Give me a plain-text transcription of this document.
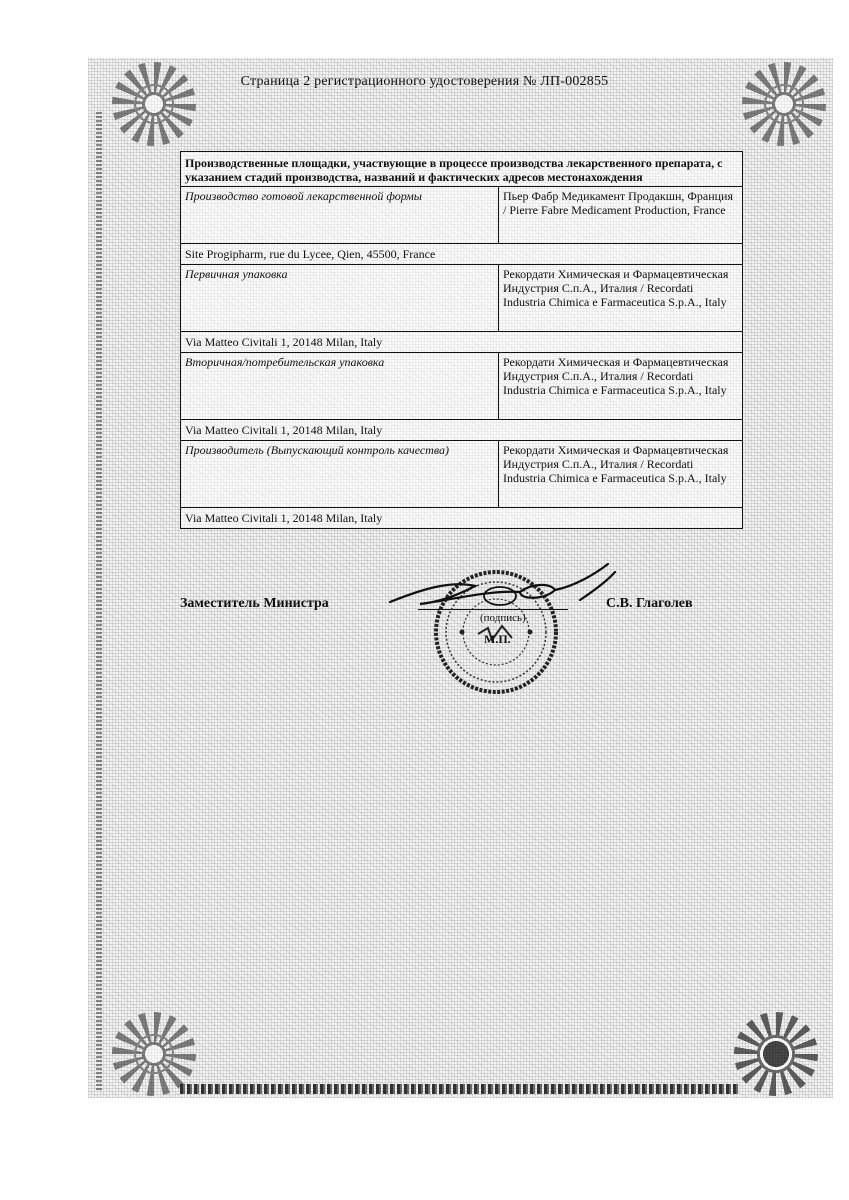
Страница 2 регистрационного удостоверения № ЛП-002855
Производственные площадки, участвующие в процессе производства лекарственного препарата, с указанием стадий производства, названий и фактических адресов местонахождения	
Производство готовой лекарственной формы	Пьер Фабр Медикамент Продакшн, Франция / Pierre Fabre Medicament Production, France
Site Progipharm, rue du Lycee, Qien, 45500, France	
Первичная упаковка	Рекордати Химическая и Фармацевтическая Индустрия С.п.А., Италия / Recordati Industria Chimica e Farmaceutica S.p.A., Italy
Via Matteo Civitali 1, 20148 Milan, Italy	
Вторичная/потребительская упаковка	Рекордати Химическая и Фармацевтическая Индустрия С.п.А., Италия / Recordati Industria Chimica e Farmaceutica S.p.A., Italy
Via Matteo Civitali 1, 20148 Milan, Italy	
Производитель (Выпускающий контроль качества)	Рекордати Химическая и Фармацевтическая Индустрия С.п.А., Италия / Recordati Industria Chimica e Farmaceutica S.p.A., Italy
Via Matteo Civitali 1, 20148 Milan, Italy	
Заместитель Министра
(подпись)
М.П.
С.В. Глаголев
